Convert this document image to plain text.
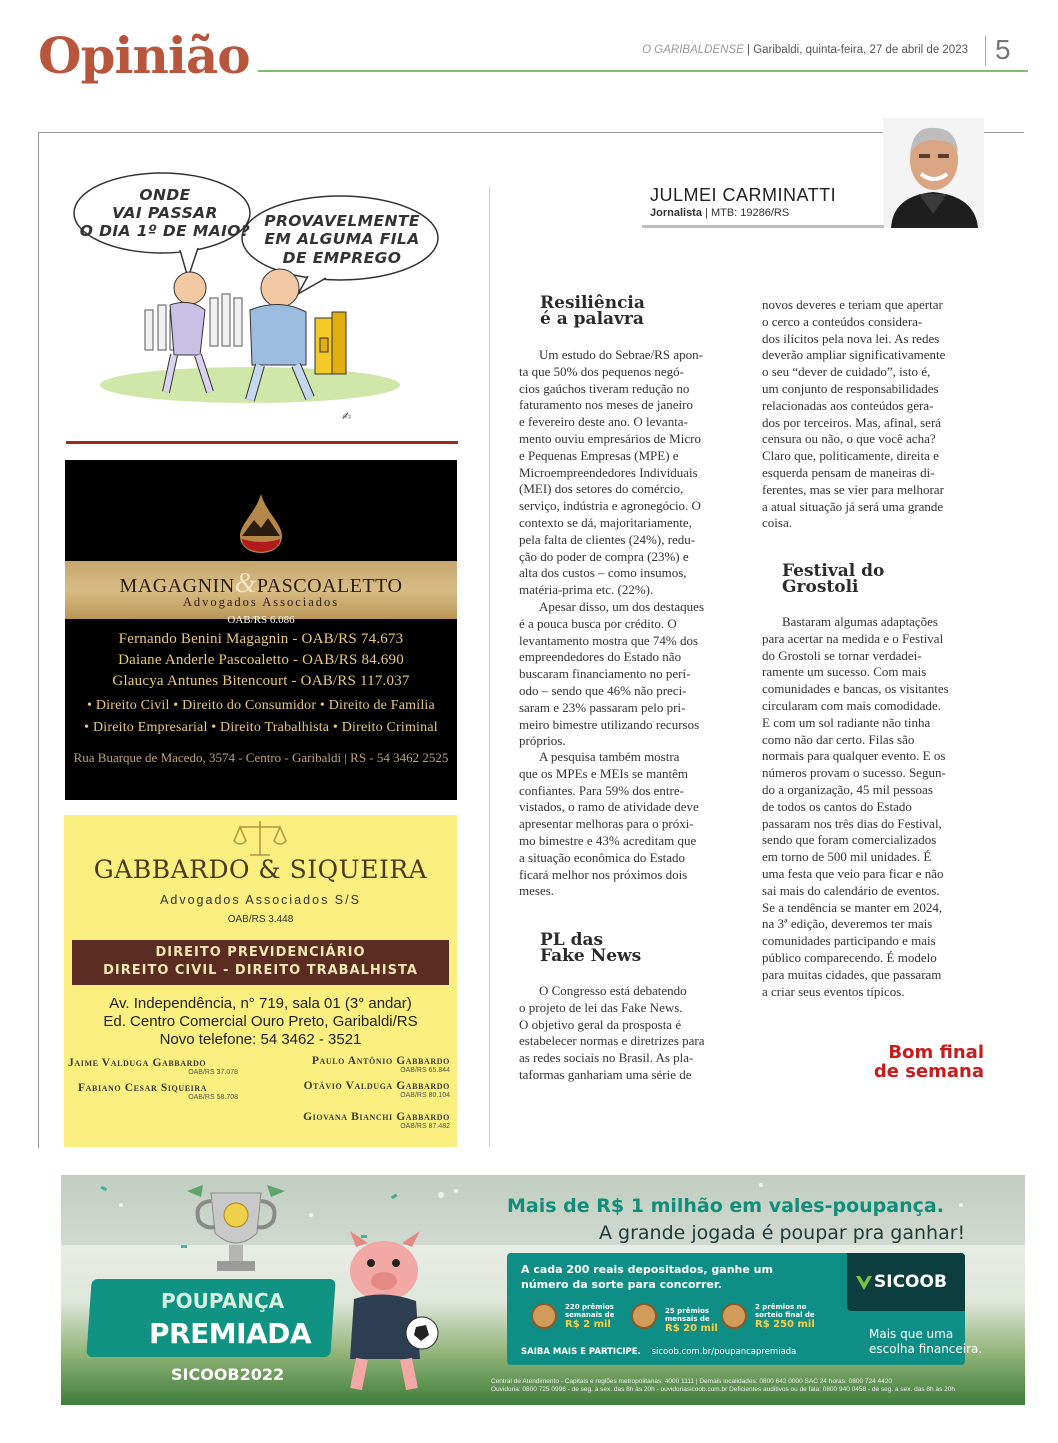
Opinião	O GARIBALDENSE | Garibaldi, quinta-feira, 27 de abril de 2023 5
ONDE
VAI PASSAR
O DIA 1º DE MAIO?
PROVAVELMENTE
EM ALGUMA FILA
DE EMPREGO
✍
MAGAGNIN&PASCOALETTO
Advogados Associados
OAB/RS 6.086
Fernando Benini Magagnin - OAB/RS 74.673
Daiane Anderle Pascoaletto - OAB/RS 84.690
Glaucya Antunes Bitencourt - OAB/RS 117.037
• Direito Civil • Direito do Consumidor • Direito de Família
• Direito Empresarial • Direito Trabalhista • Direito Criminal
Rua Buarque de Macedo, 3574 - Centro - Garibaldi | RS - 54 3462 2525
GABBARDO & SIQUEIRA
Advogados Associados S/S
OAB/RS 3.448
DIREITO PREVIDENCIÁRIO
DIREITO CIVIL - DIREITO TRABALHISTA
Av. Independência, n° 719, sala 01 (3° andar)
Ed. Centro Comercial Ouro Preto, Garibaldi/RS
Novo telefone: 54 3462 - 3521
Jaime Valduga Gabbardo
OAB/RS 37.078
Paulo Antônio Gabbardo
OAB/RS 65.844
Fabiano Cesar Siqueira
OAB/RS 58.708
Otávio Valduga Gabbardo
OAB/RS 80.104
Giovana Bianchi Gabbardo
OAB/RS 87.482
JULMEI CARMINATTI
Jornalista | MTB: 19286/RS
Resiliência
é a palavra
Um estudo do Sebrae/RS apon-
ta que 50% dos pequenos negó-
cios gaúchos tiveram redução no
faturamento nos meses de janeiro
e fevereiro deste ano. O levanta-
mento ouviu empresários de Micro
e Pequenas Empresas (MPE) e
Microempreendedores Individuais
(MEI) dos setores do comércio,
serviço, indústria e agronegócio. O
contexto se dá, majoritariamente,
pela falta de clientes (24%), redu-
ção do poder de compra (23%) e
alta dos custos – como insumos,
matéria-prima etc. (22%).
Apesar disso, um dos destaques
é a pouca busca por crédito. O
levantamento mostra que 74% dos
empreendedores do Estado não
buscaram financiamento no perí-
odo – sendo que 46% não preci-
saram e 23% passaram pelo pri-
meiro bimestre utilizando recursos
próprios.
A pesquisa também mostra
que os MPEs e MEIs se mantêm
confiantes. Para 59% dos entre-
vistados, o ramo de atividade deve
apresentar melhoras para o próxi-
mo bimestre e 43% acreditam que
a situação econômica do Estado
ficará melhor nos próximos dois
meses.
PL das
Fake News
O Congresso está debatendo
o projeto de lei das Fake News.
O objetivo geral da prosposta é
estabelecer normas e diretrizes para
as redes sociais no Brasil. As pla-
taformas ganhariam uma série de
novos deveres e teriam que apertar
o cerco a conteúdos considera-
dos ilícitos pela nova lei. As redes
deverão ampliar significativamente
o seu “dever de cuidado”, isto é,
um conjunto de responsabilidades
relacionadas aos conteúdos gera-
dos por terceiros. Mas, afinal, será
censura ou não, o que você acha?
Claro que, politicamente, direita e
esquerda pensam de maneiras di-
ferentes, mas se vier para melhorar
a atual situação já será uma grande
coisa.
Festival do
Grostoli
Bastaram algumas adaptações
para acertar na medida e o Festival
do Grostoli se tornar verdadei-
ramente um sucesso. Com mais
comunidades e bancas, os visitantes
circularam com mais comodidade.
E com um sol radiante não tinha
como não dar certo. Filas são
normais para qualquer evento. E os
números provam o sucesso. Segun-
do a organização, 45 mil pessoas
de todos os cantos do Estado
passaram nos três dias do Festival,
sendo que foram comercializados
em torno de 500 mil unidades. É
uma festa que veio para ficar e não
sai mais do calendário de eventos.
Se a tendência se manter em 2024,
na 3ª edição, deveremos ter mais
comunidades participando e mais
público comparecendo. É modelo
para muitas cidades, que passaram
a criar seus eventos típicos.
Bom final
de semana
POUPANÇA
PREMIADA
SICOOB2022
Mais de R$ 1 milhão em vales-poupança.
A grande jogada é poupar pra ganhar!
A cada 200 reais depositados, ganhe um número da sorte para concorrer.	SICOOB
220 prêmios semanais de
R$ 2 mil
25 prêmios mensais de
R$ 20 mil
2 prêmios no sorteio final de
R$ 250 mil
SAIBA MAIS E PARTICIPE. sicoob.com.br/poupancapremiada
Mais que uma
escolha financeira.
Central de Atendimento - Capitais e regiões metropolitanas: 4000 1111 | Demais localidades: 0800 642 0000 SAC 24 horas: 0800 724 4420
Ouvidoria: 0800 725 0996 - de seg. a sex. das 8h às 20h - ouvidoriasicoob.com.br Deficientes auditivos ou de fala: 0800 940 0458 - de seg. a sex. das 8h às 20h
